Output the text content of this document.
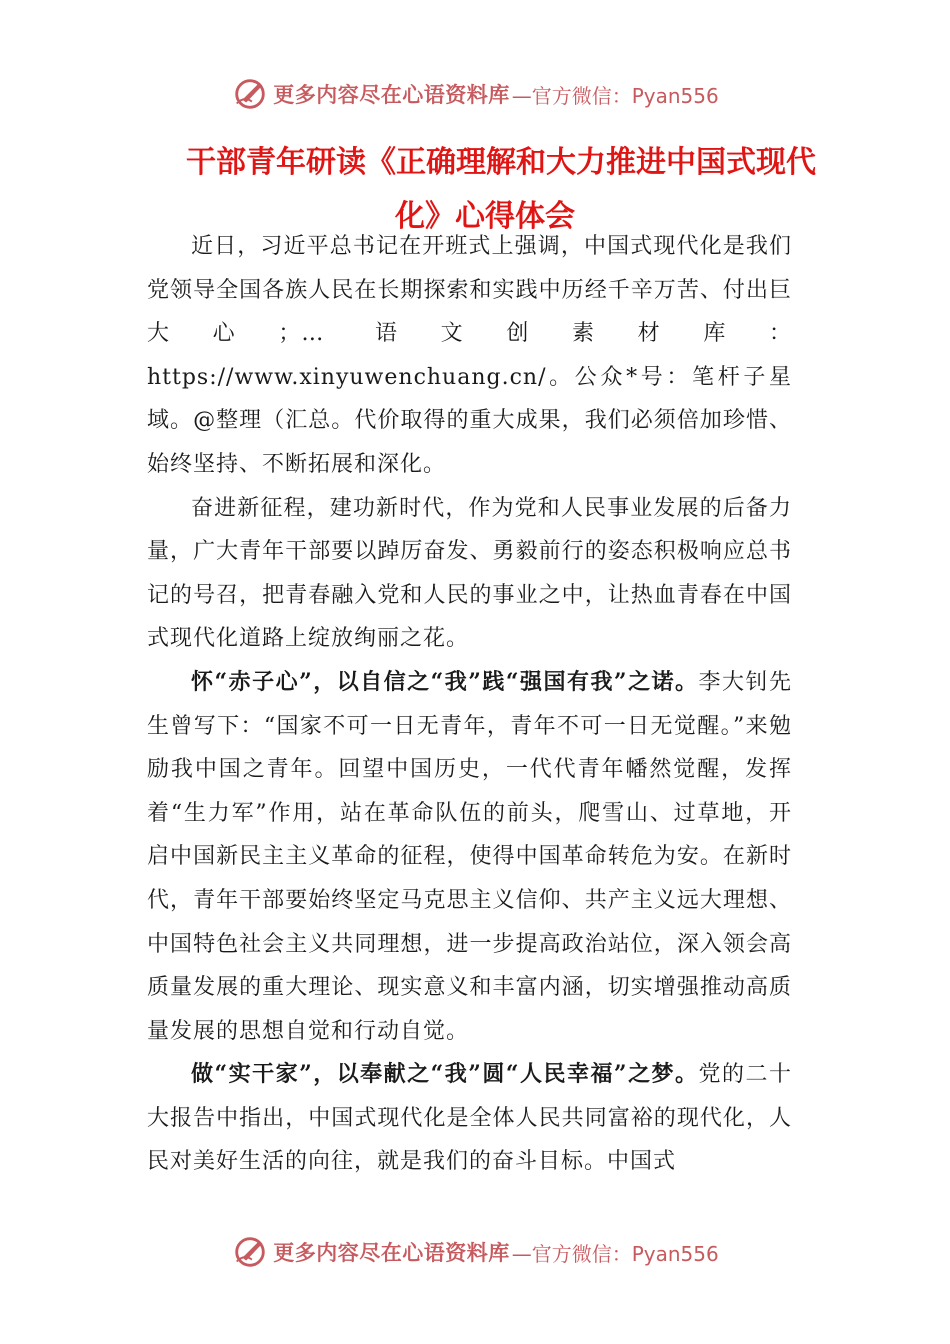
更多内容尽在心语资料库 —官方微信：Pyan556
干部青年研读《正确理解和大力推进中国式现代
化》心得体会

近日，习近平总书记在开班式上强调，中国式现代化是我们党领导全国各族人民在长期探索和实践中历经千辛万苦、付出巨大心；… 语文创素材库：https://www.xinyuwenchuang.cn/。公众*号：笔杆子星域。@整理（汇总。代价取得的重大成果，我们必须倍加珍惜、始终坚持、不断拓展和深化。

奋进新征程，建功新时代，作为党和人民事业发展的后备力量，广大青年干部要以踔厉奋发、勇毅前行的姿态积极响应总书记的号召，把青春融入党和人民的事业之中，让热血青春在中国式现代化道路上绽放绚丽之花。

怀“赤子心”，以自信之“我”践“强国有我”之诺。李大钊先生曾写下：“国家不可一日无青年，青年不可一日无觉醒。”来勉励我中国之青年。回望中国历史，一代代青年幡然觉醒，发挥着“生力军”作用，站在革命队伍的前头，爬雪山、过草地，开启中国新民主主义革命的征程，使得中国革命转危为安。在新时代，青年干部要始终坚定马克思主义信仰、共产主义远大理想、中国特色社会主义共同理想，进一步提高政治站位，深入领会高质量发展的重大理论、现实意义和丰富内涵，切实增强推动高质量发展的思想自觉和行动自觉。

做“实干家”，以奉献之“我”圆“人民幸福”之梦。党的二十大报告中指出，中国式现代化是全体人民共同富裕的现代化，人民对美好生活的向往，就是我们的奋斗目标。中国式

更多内容尽在心语资料库 —官方微信：Pyan556
